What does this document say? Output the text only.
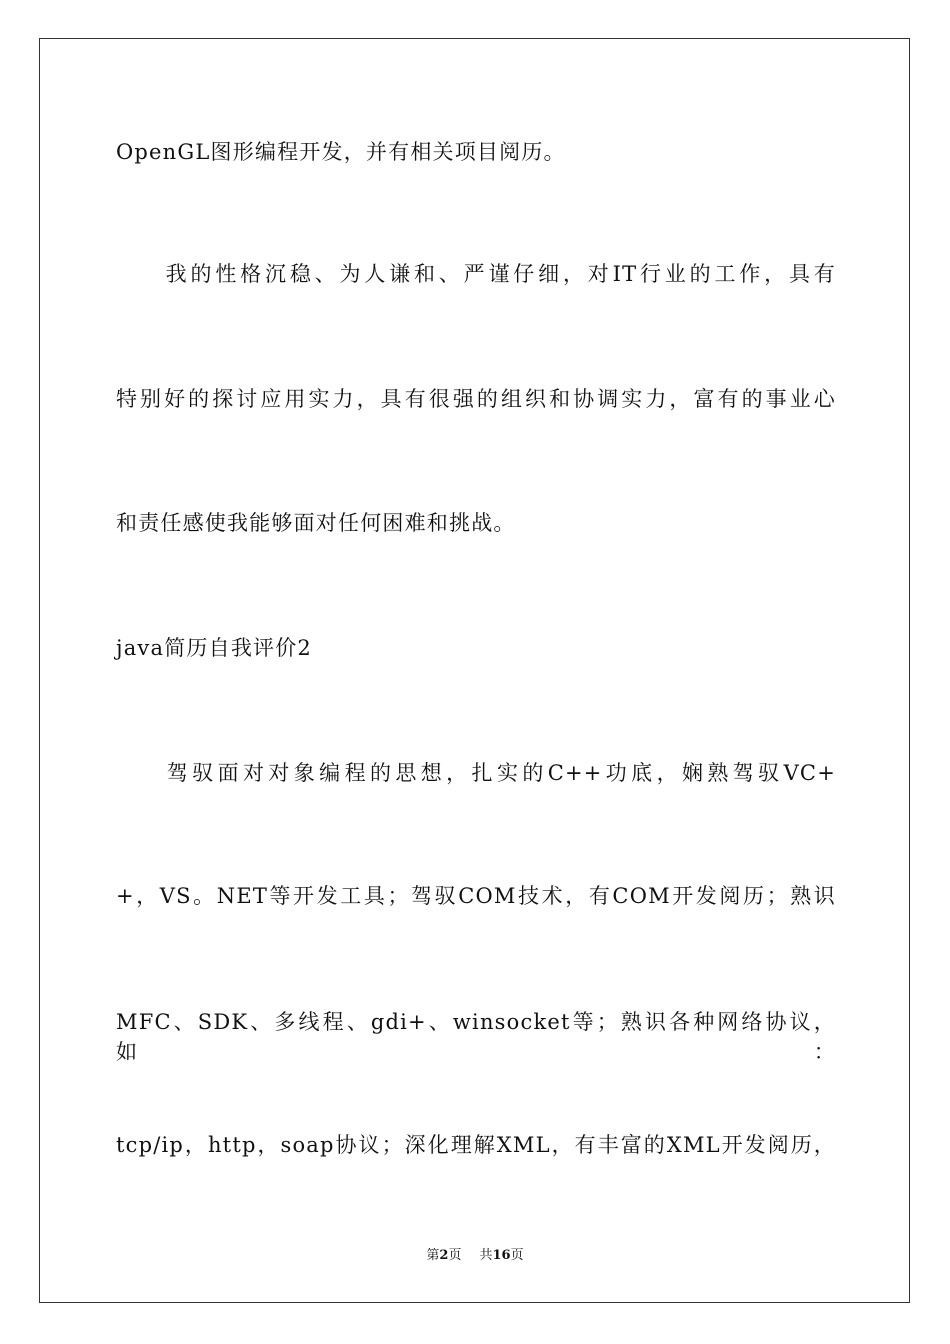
OpenGL图形编程开发，并有相关项目阅历。
　　我的性格沉稳、为人谦和、严谨仔细，对IT行业的工作，具有
特别好的探讨应用实力，具有很强的组织和协调实力，富有的事业心
和责任感使我能够面对任何困难和挑战。
java简历自我评价2
　　驾驭面对对象编程的思想，扎实的C++功底，娴熟驾驭VC+
+，VS。NET等开发工具；驾驭COM技术，有COM开发阅历；熟识
MFC、SDK、多线程、gdi+、winsocket等；熟识各种网络协议，如：
tcp/ip，http，soap协议；深化理解XML，有丰富的XML开发阅历，
第2页 共16页
